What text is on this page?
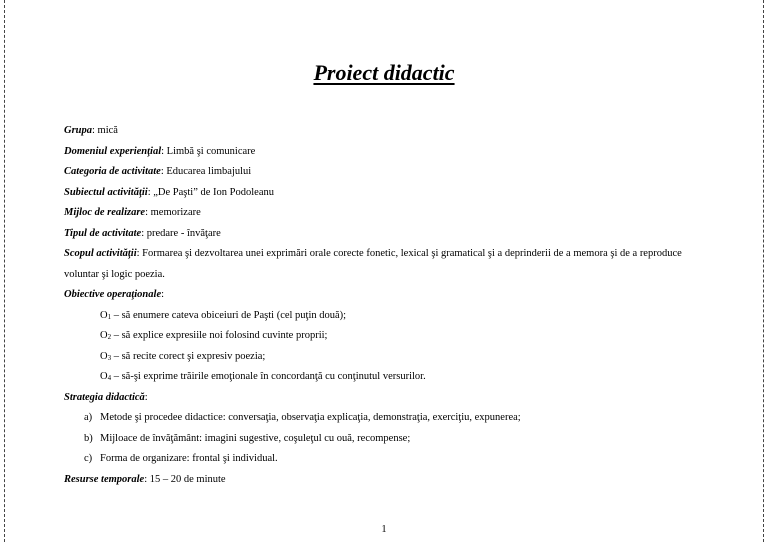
Proiect didactic
Grupa: mică
Domeniul experienţial: Limbă şi comunicare
Categoria de activitate: Educarea limbajului
Subiectul activităţii: „De Paşti” de Ion Podoleanu
Mijloc de realizare: memorizare
Tipul de activitate: predare - învăţare
Scopul activităţii: Formarea şi dezvoltarea unei exprimări orale corecte fonetic, lexical şi gramatical şi a deprinderii de a memora şi de a reproduce voluntar şi logic poezia.
Obiective operaţionale:
$O_1$ – să enumere cateva obiceiuri de Paşti (cel puţin două);
$O_2$ – să explice expresiile noi folosind cuvinte proprii;
$O_3$ – să recite corect şi expresiv poezia;
$O_4$ – să-şi exprime trăirile emoţionale în concordanţă cu conţinutul versurilor.
Strategia didactică:
a) Metode şi procedee didactice: conversaţia, observaţia explicaţia, demonstraţia, exerciţiu, expunerea;
b) Mijloace de învăţământ: imagini sugestive, coşuleţul cu ouă, recompense;
c) Forma de organizare: frontal şi individual.
Resurse temporale: 15 – 20 de minute
1
